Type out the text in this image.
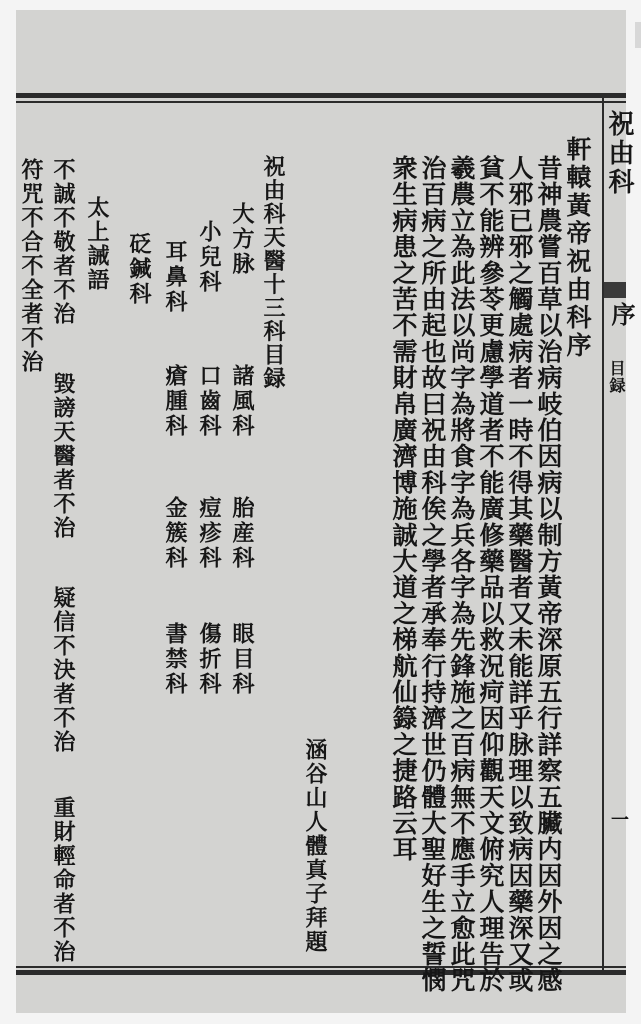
祝由科
序
目録
一
軒轅黃帝祝由科序
昔神農嘗百草以治病岐伯因病以制方黃帝深原五行詳察五臟内因外因之感
人邪已邪之觸處病者一時不得其藥醫者又未能詳乎脉理以致病因藥深又或
貧不能辨參苓更慮學道者不能廣修藥品以救況疴因仰觀天文俯究人理告於
羲農立為此法以尚字為將食字為兵各字為先鋒施之百病無不應手立愈此咒
治百病之所由起也故曰祝由科俟之學者承奉行持濟世仍體大聖好生之誓憫
衆生病患之苦不需財帛廣濟博施誠大道之梯航仙籙之捷路云耳
涵谷山人體真子拜題
祝由科天醫十三科目録
大方脉
小兒科
耳鼻科
砭鍼科
諸風科
口齒科
瘡腫科
胎産科
痘疹科
金簇科
眼目科
傷折科
書禁科
太上誡語
不誠不敬者不治
毀謗天醫者不治
疑信不決者不治
重財輕命者不治
符咒不合不全者不治
